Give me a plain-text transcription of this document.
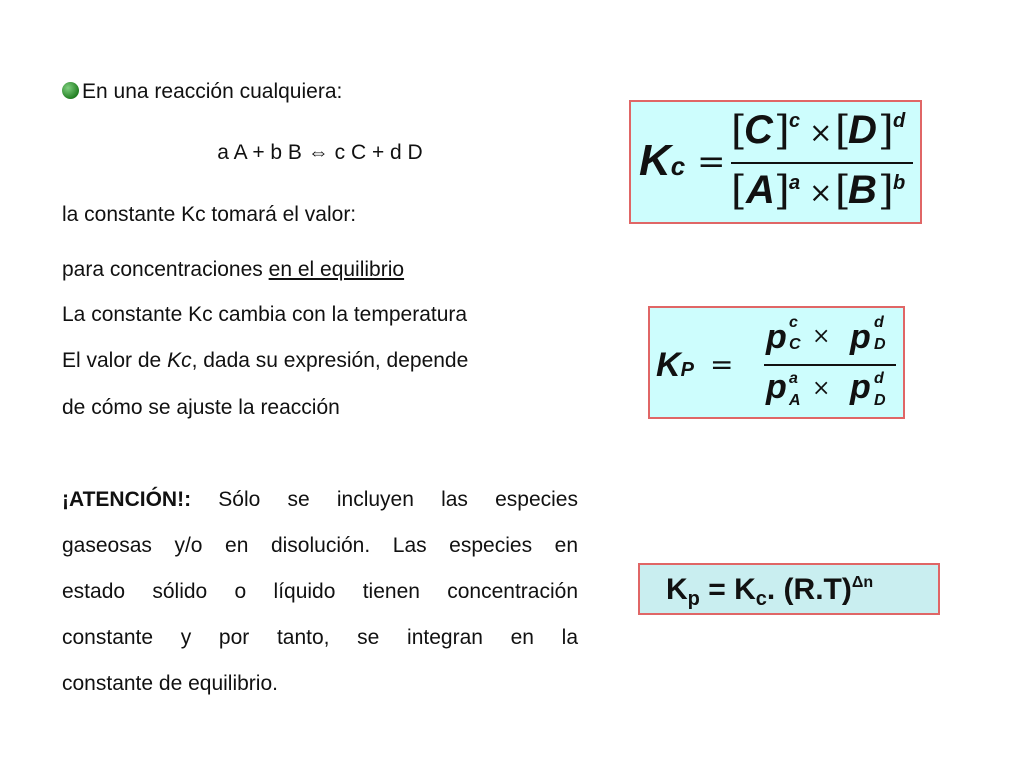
En una reacción cualquiera:
a A + b B ⇔ c C + d D
la constante Kc tomará el valor:
para concentraciones en el equilibrio
La constante Kc cambia con la temperatura
El valor de Kc, dada su expresión, depende
de cómo se ajuste la reacción
¡ATENCIÓN!: Sólo se incluyen las especies
gaseosas y/o en disolución. Las especies en
estado sólido o líquido tienen concentración
constante y por tanto, se integran en la
constante de equilibrio.
Kc =
[
C ] c × [
D ] d
[ A ] a × [
B ] b
KP =
p c
C × p d
D
p a
A × p d
D
$K_p = K_c$. $(R.T)^{\Delta n}$
